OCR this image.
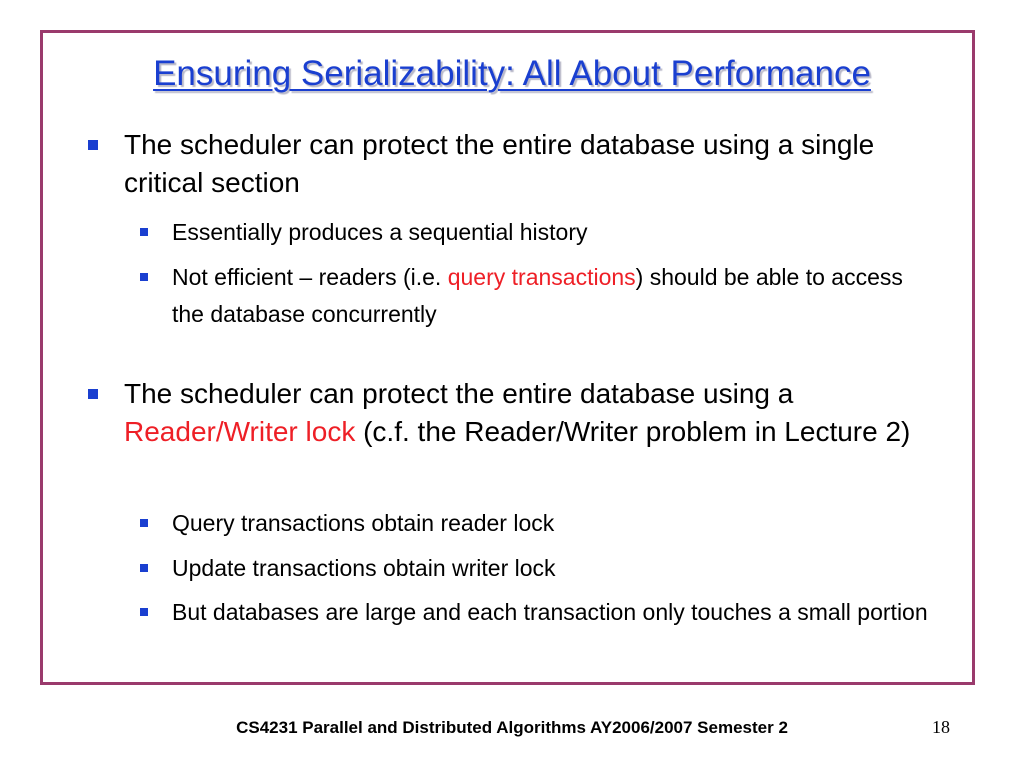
Ensuring Serializability: All About Performance
The scheduler can protect the entire database using a single critical section
Essentially produces a sequential history
Not efficient – readers (i.e. query transactions) should be able to access the database concurrently
The scheduler can protect the entire database using a Reader/Writer lock (c.f. the Reader/Writer problem in Lecture 2)
Query transactions obtain reader lock
Update transactions obtain writer lock
But databases are large and each transaction only touches a small portion
CS4231 Parallel and Distributed Algorithms AY2006/2007 Semester 2	18
